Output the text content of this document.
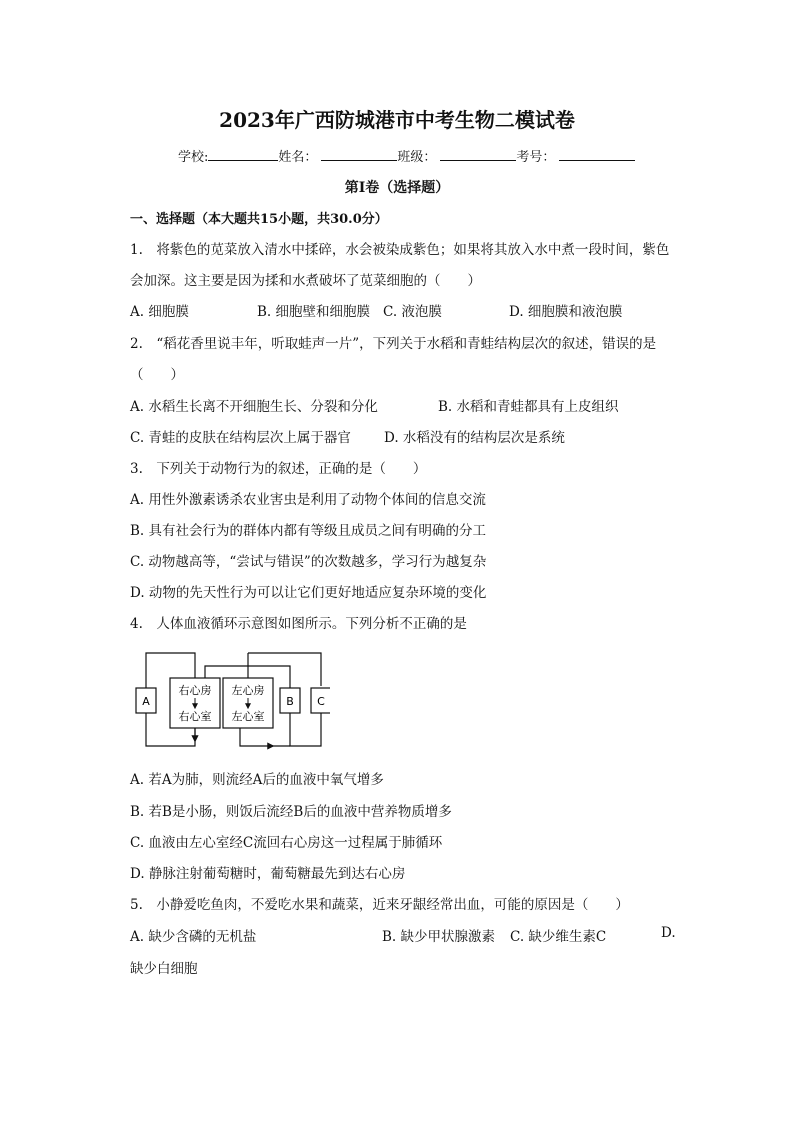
2023年广西防城港市中考生物二模试卷
学校:	姓名：	班级：	考号：
第Ⅰ卷（选择题）
一、选择题（本大题共15小题，共30.0分）
1.　将紫色的苋菜放入清水中揉碎，水会被染成紫色；如果将其放入水中煮一段时间，紫色
会加深。这主要是因为揉和水煮破坏了苋菜细胞的（　　）
A. 细胞膜	B. 细胞壁和细胞膜 C. 液泡膜	D. 细胞膜和液泡膜
2.　“稻花香里说丰年，听取蛙声一片”，下列关于水稻和青蛙结构层次的叙述，错误的是
（　　）
A. 水稻生长离不开细胞生长、分裂和分化	B. 水稻和青蛙都具有上皮组织
C. 青蛙的皮肤在结构层次上属于器官 D. 水稻没有的结构层次是系统
3.　下列关于动物行为的叙述，正确的是（　　）
A. 用性外激素诱杀农业害虫是利用了动物个体间的信息交流
B. 具有社会行为的群体内都有等级且成员之间有明确的分工
C. 动物越高等，“尝试与错误”的次数越多，学习行为越复杂
D. 动物的先天性行为可以让它们更好地适应复杂环境的变化
4.　人体血液循环示意图如图所示。下列分析不正确的是
A
右心房
右心室
左心房
左心室
B C
A. 若A为肺，则流经A后的血液中氧气增多
B. 若B是小肠，则饭后流经B后的血液中营养物质增多
C. 血液由左心室经C流回右心房这一过程属于肺循环
D. 静脉注射葡萄糖时，葡萄糖最先到达右心房
5.　小静爱吃鱼肉，不爱吃水果和蔬菜，近来牙龈经常出血，可能的原因是（　　）
A. 缺少含磷的无机盐	B. 缺少甲状腺激素 C. 缺少维生素C	D.
缺少白细胞
